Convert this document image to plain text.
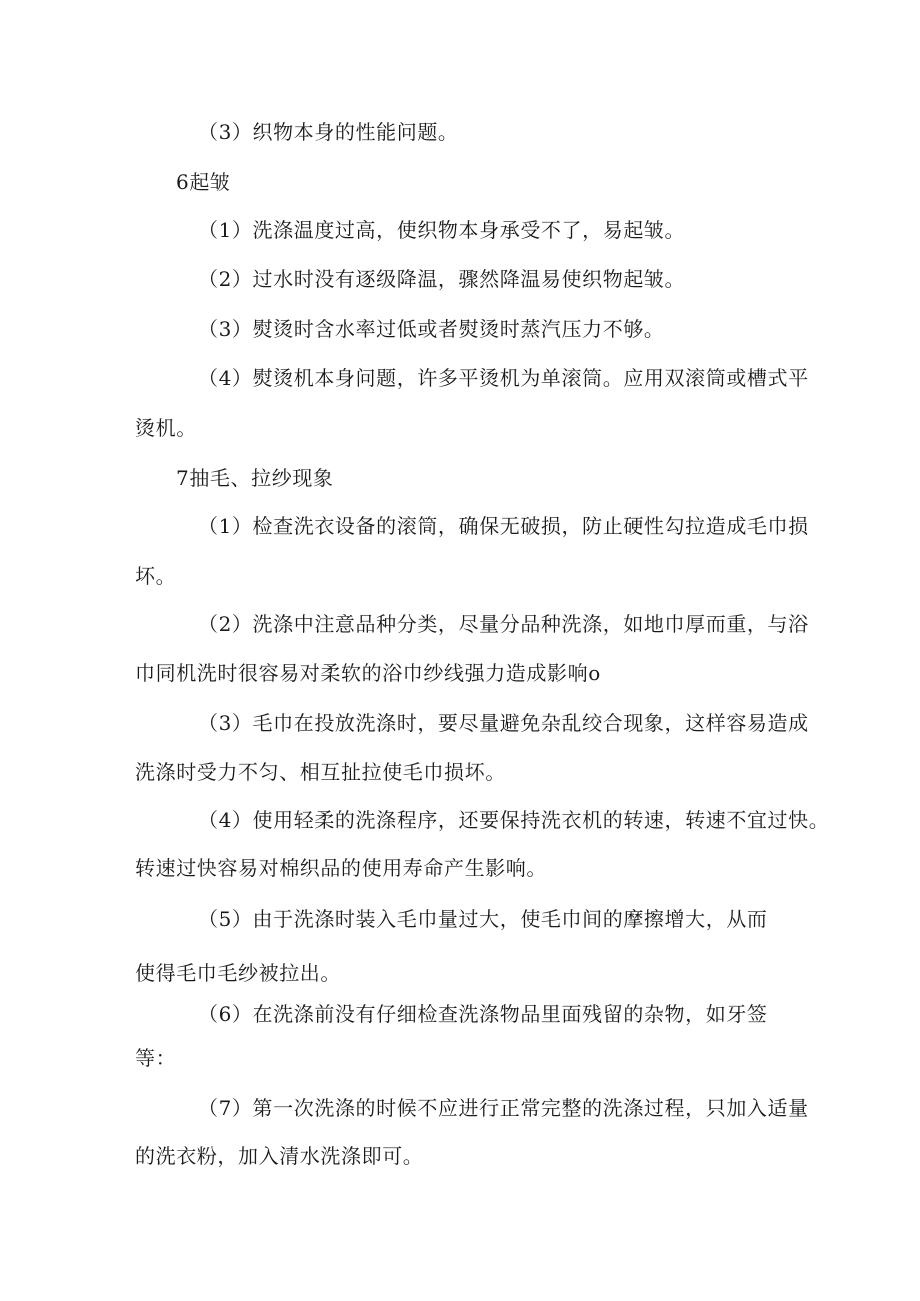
（3）织物本身的性能问题。
6起皱
（1）洗涤温度过高，使织物本身承受不了，易起皱。
（2）过水时没有逐级降温，骤然降温易使织物起皱。
（3）熨烫时含水率过低或者熨烫时蒸汽压力不够。
（4）熨烫机本身问题，许多平烫机为单滚筒。应用双滚筒或槽式平
烫机。
7抽毛、拉纱现象
（1）检查洗衣设备的滚筒，确保无破损，防止硬性勾拉造成毛巾损
坏。
（2）洗涤中注意品种分类，尽量分品种洗涤，如地巾厚而重，与浴
巾同机洗时很容易对柔软的浴巾纱线强力造成影响o
（3）毛巾在投放洗涤时，要尽量避免杂乱绞合现象，这样容易造成
洗涤时受力不匀、相互扯拉使毛巾损坏。
（4）使用轻柔的洗涤程序，还要保持洗衣机的转速，转速不宜过快。
转速过快容易对棉织品的使用寿命产生影响。
（5）由于洗涤时装入毛巾量过大，使毛巾间的摩擦增大，从而
使得毛巾毛纱被拉出。
（6）在洗涤前没有仔细检查洗涤物品里面残留的杂物，如牙签
等：
（7）第一次洗涤的时候不应进行正常完整的洗涤过程，只加入适量
的洗衣粉，加入清水洗涤即可。
